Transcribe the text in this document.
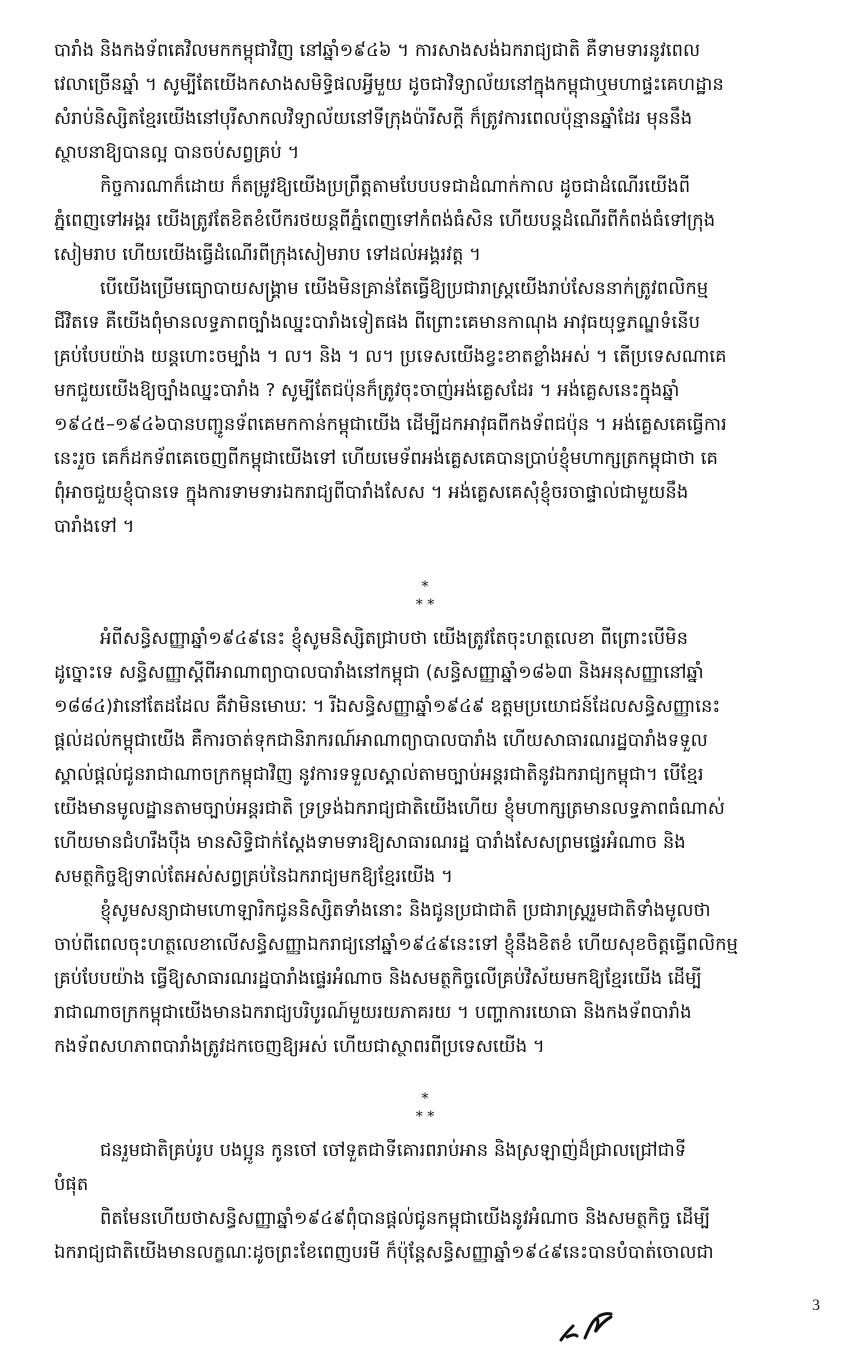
បារាំង និងកងទ័ពគេវិលមកកម្ពុជាវិញ នៅឆ្នាំ១៩៤៦ ។ ការសាងសង់ឯករាជ្យជាតិ គឺទាមទារនូវពេល
វេលាច្រើនឆ្នាំ ។ សូម្បីតែយើងកសាងសមិទ្ធិផលអ្វីមួយ ដូចជាវិទ្យាល័យនៅក្នុងកម្ពុជាឬមហាផ្ទះគេហដ្ឋាន
សំរាប់និស្សិតខ្មែរយើងនៅបុរីសាកលវិទ្យាល័យនៅទីក្រុងប៉ារីសក្តី ក៏ត្រូវការពេលប៉ុន្មានឆ្នាំដែរ មុននឹង
ស្ថាបនាឱ្យបានល្អ បានចប់សព្វគ្រប់ ។
កិច្ចការណាក៏ដោយ ក៏តម្រូវឱ្យយើងប្រព្រឹត្តតាមបែបបទជាដំណាក់កាល ដូចជាដំណើរយើងពី
ភ្នំពេញទៅអង្គរ យើងត្រូវតែខិតខំបើករថយន្តពីភ្នំពេញទៅកំពង់ធំសិន ហើយបន្តដំណើរពីកំពង់ធំទៅក្រុង
សៀមរាប ហើយយើងធ្វើដំណើរពីក្រុងសៀមរាប ទៅដល់អង្គរវត្ត ។
បើយើងប្រើមធ្យោបាយសង្គ្រាម យើងមិនគ្រាន់តែធ្វើឱ្យប្រជារាស្ត្រយើងរាប់សែននាក់ត្រូវពលិកម្ម
ជីវិតទេ គឺយើងពុំមានលទ្ធភាពច្បាំងឈ្នះបារាំងទៀតផង ពីព្រោះគេមានកាណុង អាវុធយុទ្ធភណ្ឌទំនើប
គ្រប់បែបយ៉ាង យន្តហោះចម្បាំង ។ ល។ និង ។ ល។ ប្រទេសយើងខ្វះខាតខ្លាំងអស់ ។ តើប្រទេសណាគេ
មកជួយយើងឱ្យច្បាំងឈ្នះបារាំង ? សូម្បីតែជប៉ុនក៏ត្រូវចុះចាញ់អង់គ្លេសដែរ ។ អង់គ្លេសនេះក្នុងឆ្នាំ
១៩៤៥–១៩៤៦បានបញ្ជូនទ័ពគេមកកាន់កម្ពុជាយើង ដើម្បីដកអាវុធពីកងទ័ពជប៉ុន ។ អង់គ្លេសគេធ្វើការ
នេះរួច គេក៏ដកទ័ពគេចេញពីកម្ពុជាយើងទៅ ហើយមេទ័ពអង់គ្លេសគេបានប្រាប់ខ្ញុំមហាក្សត្រកម្ពុជាថា គេ
ពុំអាចជួយខ្ញុំបានទេ ក្នុងការទាមទារឯករាជ្យពីបារាំងសែស ។ អង់គ្លេសគេសុំខ្ញុំចរចាផ្ទាល់ជាមួយនឹង
បារាំងទៅ ។
*
* *
អំពីសន្ធិសញ្ញាឆ្នាំ១៩៤៩នេះ ខ្ញុំសូមនិស្សិតជ្រាបថា យើងត្រូវតែចុះហត្ថលេខា ពីព្រោះបើមិន
ដូច្នោះទេ សន្ធិសញ្ញាស្តីពីអាណាព្យាបាលបារាំងនៅកម្ពុជា (សន្ធិសញ្ញាឆ្នាំ១៨៦៣ និងអនុសញ្ញានៅឆ្នាំ
១៨៨៤)វានៅតែដដែល គឺវាមិនមោឃៈ ។ រីឯសន្ធិសញ្ញាឆ្នាំ១៩៤៩ ឧត្តមប្រយោជន៍ដែលសន្ធិសញ្ញានេះ
ផ្តល់ដល់កម្ពុជាយើង គឺការចាត់ទុកជានិរាករណ៍អាណាព្យាបាលបារាំង ហើយសាធារណរដ្ឋបារាំងទទួល
ស្គាល់ផ្តល់ជូនរាជាណាចក្រកម្ពុជាវិញ នូវការទទួលស្គាល់តាមច្បាប់អន្តរជាតិនូវឯករាជ្យកម្ពុជា។ បើខ្មែរ
យើងមានមូលដ្ឋានតាមច្បាប់អន្តរជាតិ ទ្រទ្រង់ឯករាជ្យជាតិយើងហើយ ខ្ញុំមហាក្សត្រមានលទ្ធភាពធំណាស់
ហើយមានជំហរឹងប៉ឹង មានសិទ្ធិជាក់ស្តែងទាមទារឱ្យសាធារណរដ្ឋ បារាំងសែសព្រមផ្ទេរអំណាច និង
សមត្ថកិច្ចឱ្យទាល់តែអស់សព្វគ្រប់នៃឯករាជ្យមកឱ្យខ្មែរយើង ។
ខ្ញុំសូមសន្យាជាមហោឡារិកជូននិស្សិតទាំងនោះ និងជូនប្រជាជាតិ ប្រជារាស្ត្ររួមជាតិទាំងមូលថា
ចាប់ពីពេលចុះហត្ថលេខាលើសន្ធិសញ្ញាឯករាជ្យនៅឆ្នាំ១៩៤៩នេះទៅ ខ្ញុំនឹងខិតខំ ហើយសុខចិត្តធ្វើពលិកម្ម
គ្រប់បែបយ៉ាង ធ្វើឱ្យសាធារណរដ្ឋបារាំងផ្ទេរអំណាច និងសមត្ថកិច្ចលើគ្រប់វិស័យមកឱ្យខ្មែរយើង ដើម្បី
រាជាណាចក្រកម្ពុជាយើងមានឯករាជ្យបរិបូរណ៍មួយរយភាគរយ ។ បញ្ហាការយោធា និងកងទ័ពបារាំង
កងទ័ពសហភាពបារាំងត្រូវដកចេញឱ្យអស់ ហើយជាស្ថាពរពីប្រទេសយើង ។
*
* *
ជនរួមជាតិគ្រប់រូប បងប្អូន កូនចៅ ចៅទួតជាទីគោរពរាប់អាន និងស្រឡាញ់ដ៏ជ្រាលជ្រៅជាទី
បំផុត
ពិតមែនហើយថាសន្ធិសញ្ញាឆ្នាំ១៩៤៩ពុំបានផ្តល់ជូនកម្ពុជាយើងនូវអំណាច និងសមត្ថកិច្ច ដើម្បី
ឯករាជ្យជាតិយើងមានលក្ខណៈដូចព្រះខែពេញបរមី ក៏ប៉ុន្តែសន្ធិសញ្ញាឆ្នាំ១៩៤៩នេះបានបំបាត់ចោលជា
3
